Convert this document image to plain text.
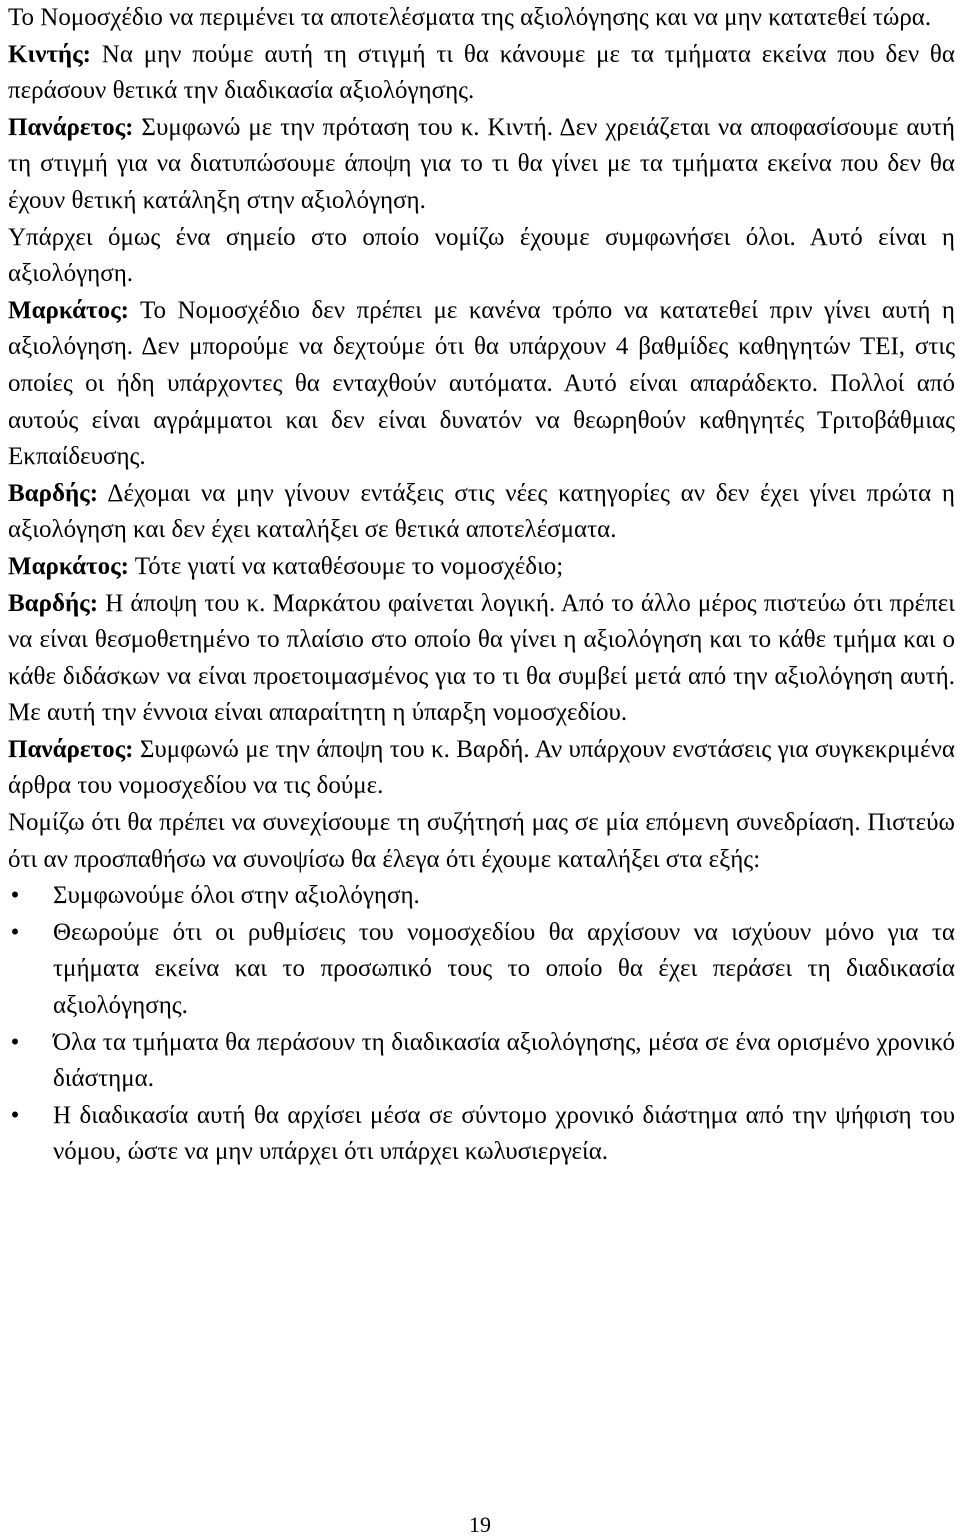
Το Νομοσχέδιο να περιμένει τα αποτελέσματα της αξιολόγησης και να μην κατατεθεί τώρα.

Κιντής: Να μην πούμε αυτή τη στιγμή τι θα κάνουμε με τα τμήματα εκείνα που δεν θα περάσουν θετικά την διαδικασία αξιολόγησης.

Πανάρετος: Συμφωνώ με την πρόταση του κ. Κιντή. Δεν χρειάζεται να αποφασίσουμε αυτή τη στιγμή για να διατυπώσουμε άποψη για το τι θα γίνει με τα τμήματα εκείνα που δεν θα έχουν θετική κατάληξη στην αξιολόγηση.

Υπάρχει όμως ένα σημείο στο οποίο νομίζω έχουμε συμφωνήσει όλοι. Αυτό είναι η αξιολόγηση.

Μαρκάτος: Το Νομοσχέδιο δεν πρέπει με κανένα τρόπο να κατατεθεί πριν γίνει αυτή η αξιολόγηση. Δεν μπορούμε να δεχτούμε ότι θα υπάρχουν 4 βαθμίδες καθηγητών ΤΕΙ, στις οποίες οι ήδη υπάρχοντες θα ενταχθούν αυτόματα. Αυτό είναι απαράδεκτο. Πολλοί από αυτούς είναι αγράμματοι και δεν είναι δυνατόν να θεωρηθούν καθηγητές Τριτοβάθμιας Εκπαίδευσης.

Βαρδής: Δέχομαι να μην γίνουν εντάξεις στις νέες κατηγορίες αν δεν έχει γίνει πρώτα η αξιολόγηση και δεν έχει καταλήξει σε θετικά αποτελέσματα.

Μαρκάτος: Τότε γιατί να καταθέσουμε το νομοσχέδιο;

Βαρδής: Η άποψη του κ. Μαρκάτου φαίνεται λογική. Από το άλλο μέρος πιστεύω ότι πρέπει να είναι θεσμοθετημένο το πλαίσιο στο οποίο θα γίνει η αξιολόγηση και το κάθε τμήμα και ο κάθε διδάσκων να είναι προετοιμασμένος για το τι θα συμβεί μετά από την αξιολόγηση αυτή. Με αυτή την έννοια είναι απαραίτητη η ύπαρξη νομοσχεδίου.

Πανάρετος: Συμφωνώ με την άποψη του κ. Βαρδή. Αν υπάρχουν ενστάσεις για συγκεκριμένα άρθρα του νομοσχεδίου να τις δούμε.

Νομίζω ότι θα πρέπει να συνεχίσουμε τη συζήτησή μας σε μία επόμενη συνεδρίαση. Πιστεύω ότι αν προσπαθήσω να συνοψίσω θα έλεγα ότι έχουμε καταλήξει στα εξής:

• Συμφωνούμε όλοι στην αξιολόγηση.
• Θεωρούμε ότι οι ρυθμίσεις του νομοσχεδίου θα αρχίσουν να ισχύουν μόνο για τα τμήματα εκείνα και το προσωπικό τους το οποίο θα έχει περάσει τη διαδικασία αξιολόγησης.
• Όλα τα τμήματα θα περάσουν τη διαδικασία αξιολόγησης, μέσα σε ένα ορισμένο χρονικό διάστημα.
• Η διαδικασία αυτή θα αρχίσει μέσα σε σύντομο χρονικό διάστημα από την ψήφιση του νόμου, ώστε να μην υπάρχει ότι υπάρχει κωλυσιεργεία.
19
